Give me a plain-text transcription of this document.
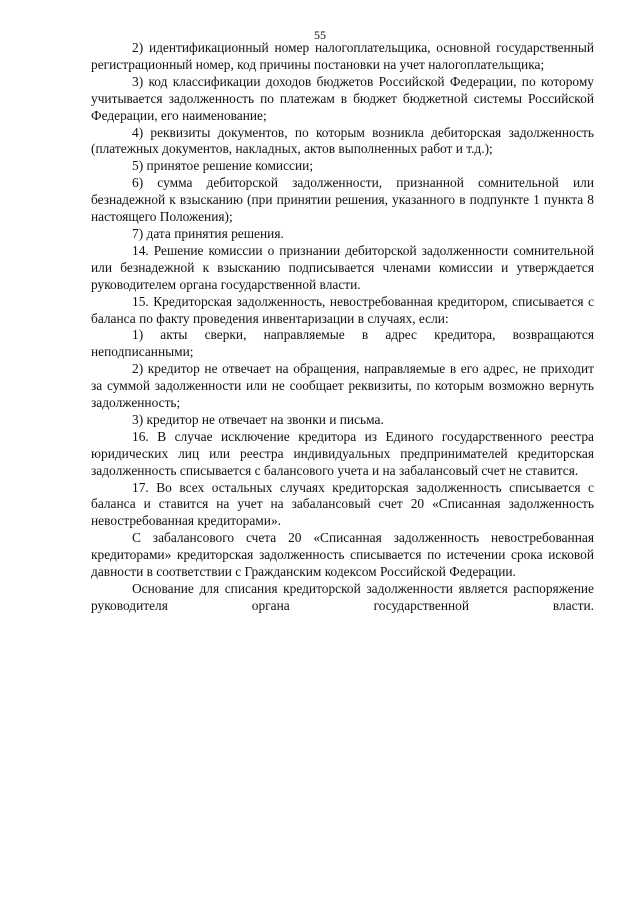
55

2) идентификационный номер налогоплательщика, основной государственный регистрационный номер, код причины постановки на учет налогоплательщика;

3) код классификации доходов бюджетов Российской Федерации, по которому учитывается задолженность по платежам в бюджет бюджетной системы Российской Федерации, его наименование;

4) реквизиты документов, по которым возникла дебиторская задолженность (платежных документов, накладных, актов выполненных работ и т.д.);

5) принятое решение комиссии;

6) сумма дебиторской задолженности, признанной сомнительной или безнадежной к взысканию (при принятии решения, указанного в подпункте 1 пункта 8 настоящего Положения);

7) дата принятия решения.

14. Решение комиссии о признании дебиторской задолженности сомнительной или безнадежной к взысканию подписывается членами комиссии и утверждается руководителем органа государственной власти.

15. Кредиторская задолженность, невостребованная кредитором, списывается с баланса по факту проведения инвентаризации в случаях, если:

1) акты сверки, направляемые в адрес кредитора, возвращаются неподписанными;

2) кредитор не отвечает на обращения, направляемые в его адрес, не приходит за суммой задолженности или не сообщает реквизиты, по которым возможно вернуть задолженность;

3) кредитор не отвечает на звонки и письма.

16. В случае исключение кредитора из Единого государственного реестра юридических лиц или реестра индивидуальных предпринимателей кредиторская задолженность списывается с балансового учета и на забалансовый счет не ставится.

17. Во всех остальных случаях кредиторская задолженность списывается с баланса и ставится на учет на забалансовый счет 20 «Списанная задолженность невостребованная кредиторами».

С забалансового счета 20 «Списанная задолженность невостребованная кредиторами» кредиторская задолженность списывается по истечении срока исковой давности в соответствии с Гражданским кодексом Российской Федерации.

Основание для списания кредиторской задолженности является распоряжение руководителя органа государственной власти.
